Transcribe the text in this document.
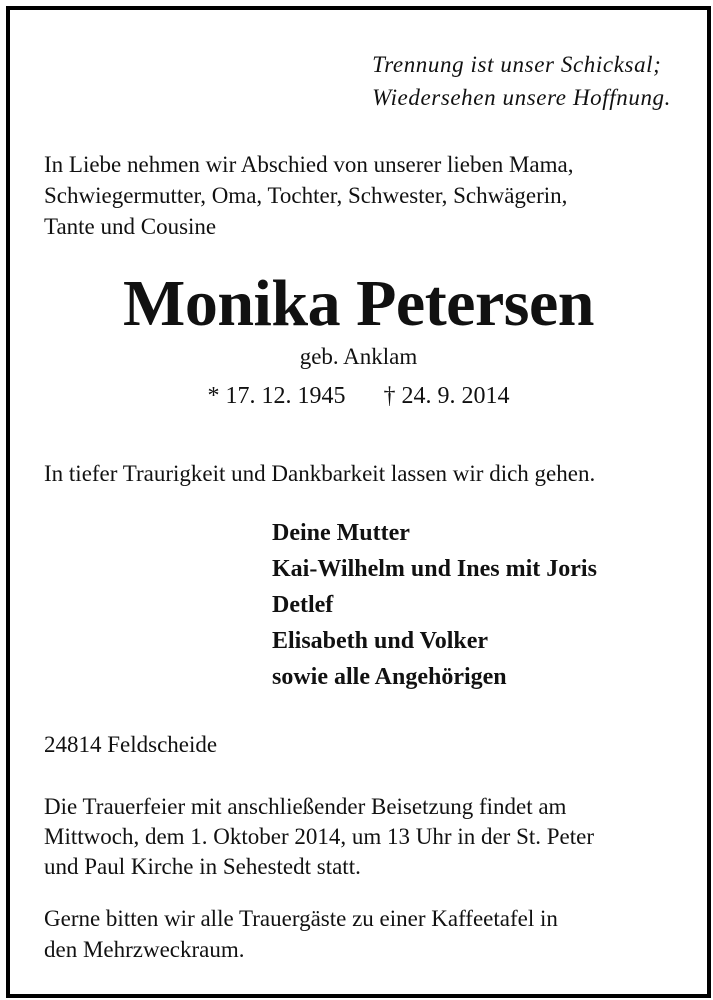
Trennung ist unser Schicksal;
Wiedersehen unsere Hoffnung.
In Liebe nehmen wir Abschied von unserer lieben Mama,
Schwiegermutter, Oma, Tochter, Schwester, Schwägerin,
Tante und Cousine
Monika Petersen
geb. Anklam
* 17. 12. 1945 † 24. 9. 2014
In tiefer Traurigkeit und Dankbarkeit lassen wir dich gehen.
Deine Mutter
Kai-Wilhelm und Ines mit Joris
Detlef
Elisabeth und Volker
sowie alle Angehörigen
24814 Feldscheide
Die Trauerfeier mit anschließender Beisetzung findet am
Mittwoch, dem 1. Oktober 2014, um 13 Uhr in der St. Peter
und Paul Kirche in Sehestedt statt.
Gerne bitten wir alle Trauergäste zu einer Kaffeetafel in
den Mehrzweckraum.
